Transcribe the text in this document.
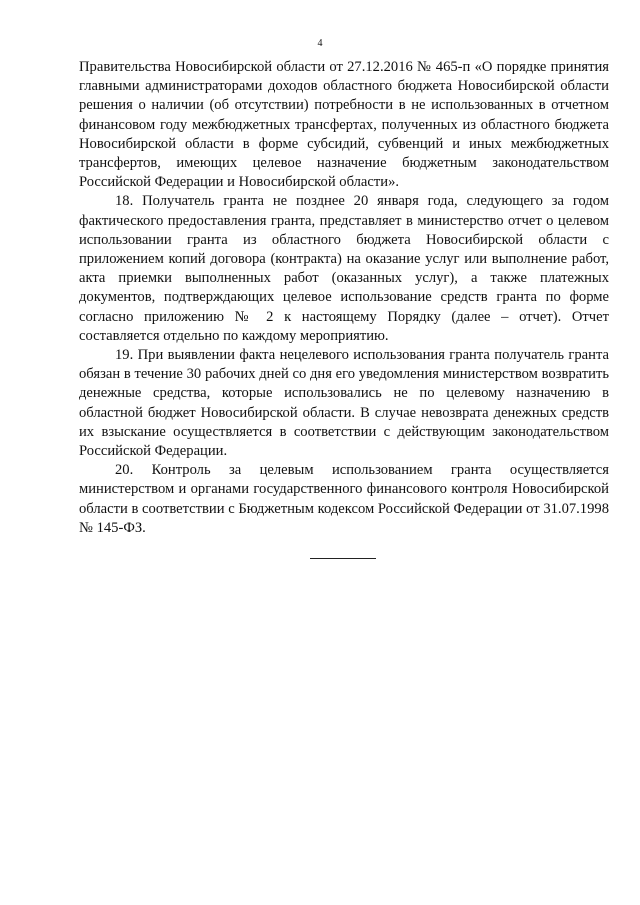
4

Правительства Новосибирской области от 27.12.2016 № 465-п «О порядке принятия главными администраторами доходов областного бюджета Новосибирской области решения о наличии (об отсутствии) потребности в не использованных в отчетном финансовом году межбюджетных трансфертах, полученных из областного бюджета Новосибирской области в форме субсидий, субвенций и иных межбюджетных трансфертов, имеющих целевое назначение бюджетным законодательством Российской Федерации и Новосибирской области».

18. Получатель гранта не позднее 20 января года, следующего за годом фактического предоставления гранта, представляет в министерство отчет о целевом использовании гранта из областного бюджета Новосибирской области с приложением копий договора (контракта) на оказание услуг или выполнение работ, акта приемки выполненных работ (оказанных услуг), а также платежных документов, подтверждающих целевое использование средств гранта по форме согласно приложению № 2 к настоящему Порядку (далее – отчет). Отчет составляется отдельно по каждому мероприятию.

19. При выявлении факта нецелевого использования гранта получатель гранта обязан в течение 30 рабочих дней со дня его уведомления министерством возвратить денежные средства, которые использовались не по целевому назначению в областной бюджет Новосибирской области. В случае невозврата денежных средств их взыскание осуществляется в соответствии с действующим законодательством Российской Федерации.

20. Контроль за целевым использованием гранта осуществляется министерством и органами государственного финансового контроля Новосибирской области в соответствии с Бюджетным кодексом Российской Федерации от 31.07.1998 № 145-ФЗ.
